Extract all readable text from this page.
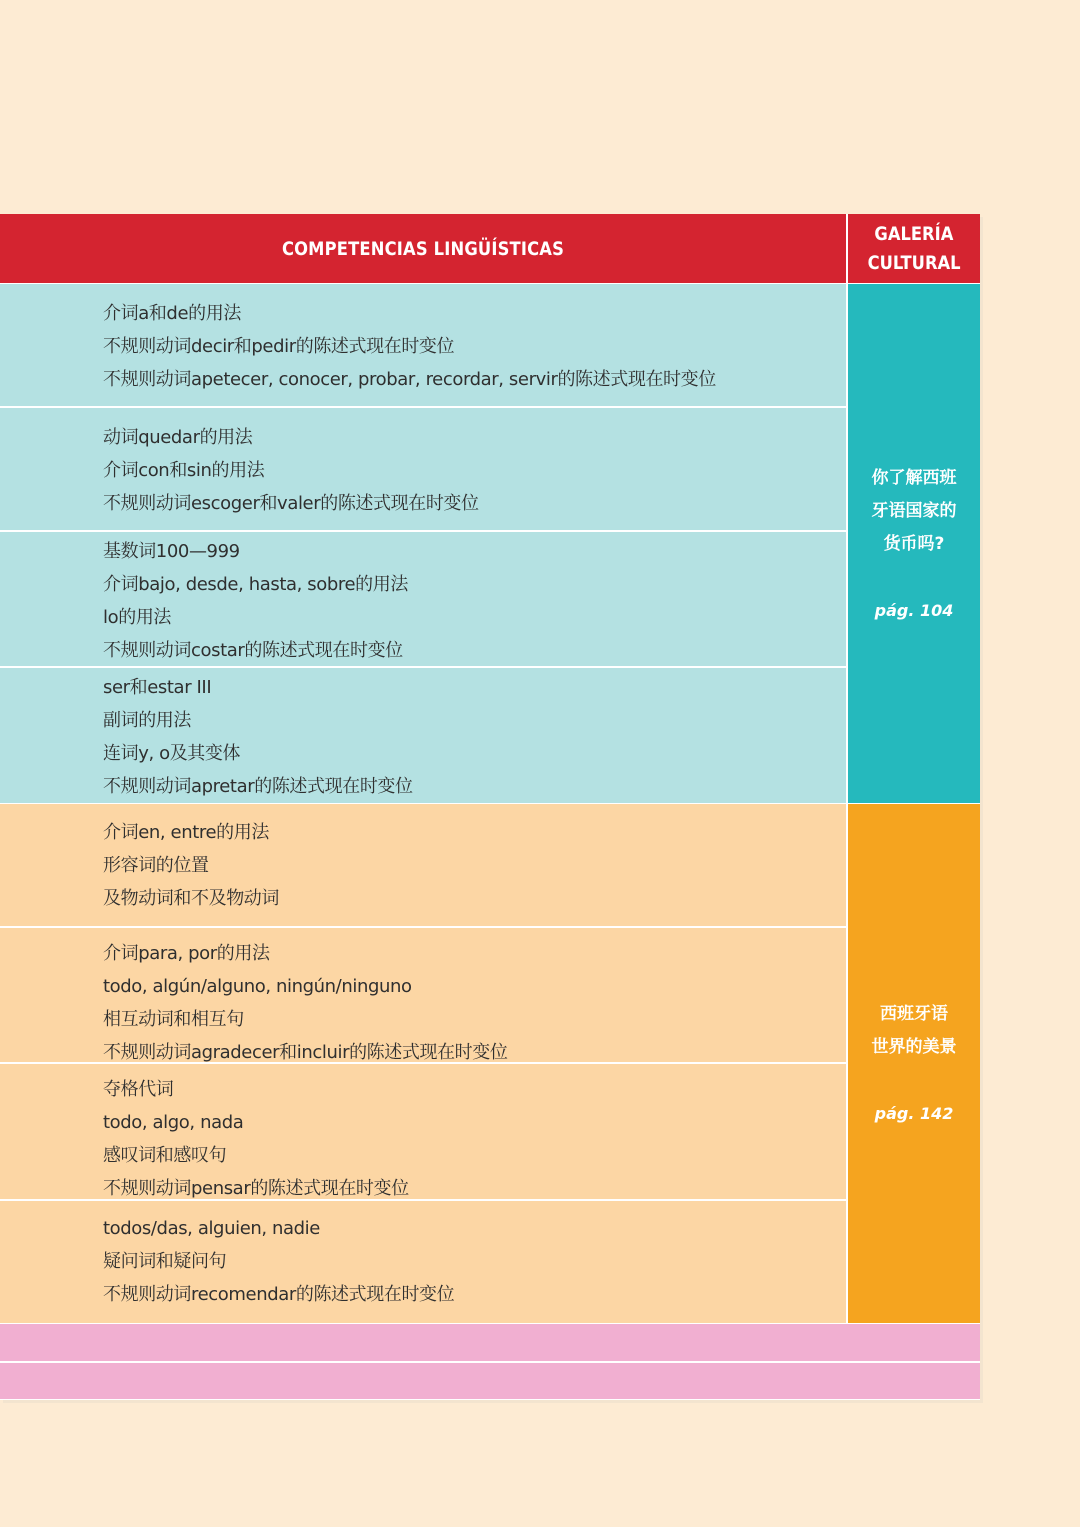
COMPETENCIAS LINGÜÍSTICAS
GALERÍA
CULTURAL
介词a和de的用法
不规则动词decir和pedir的陈述式现在时变位
不规则动词apetecer, conocer, probar, recordar, servir的陈述式现在时变位
动词quedar的用法
介词con和sin的用法
不规则动词escoger和valer的陈述式现在时变位
基数词100—999
介词bajo, desde, hasta, sobre的用法
lo的用法
不规则动词costar的陈述式现在时变位
ser和estar III
副词的用法
连词y, o及其变体
不规则动词apretar的陈述式现在时变位
介词en, entre的用法
形容词的位置
及物动词和不及物动词
介词para, por的用法
todo, algún/alguno, ningún/ninguno
相互动词和相互句
不规则动词agradecer和incluir的陈述式现在时变位
夺格代词
todo, algo, nada
感叹词和感叹句
不规则动词pensar的陈述式现在时变位
todos/das, alguien, nadie
疑问词和疑问句
不规则动词recomendar的陈述式现在时变位
你了解西班
牙语国家的
货币吗?
pág. 104
西班牙语
世界的美景
pág. 142
